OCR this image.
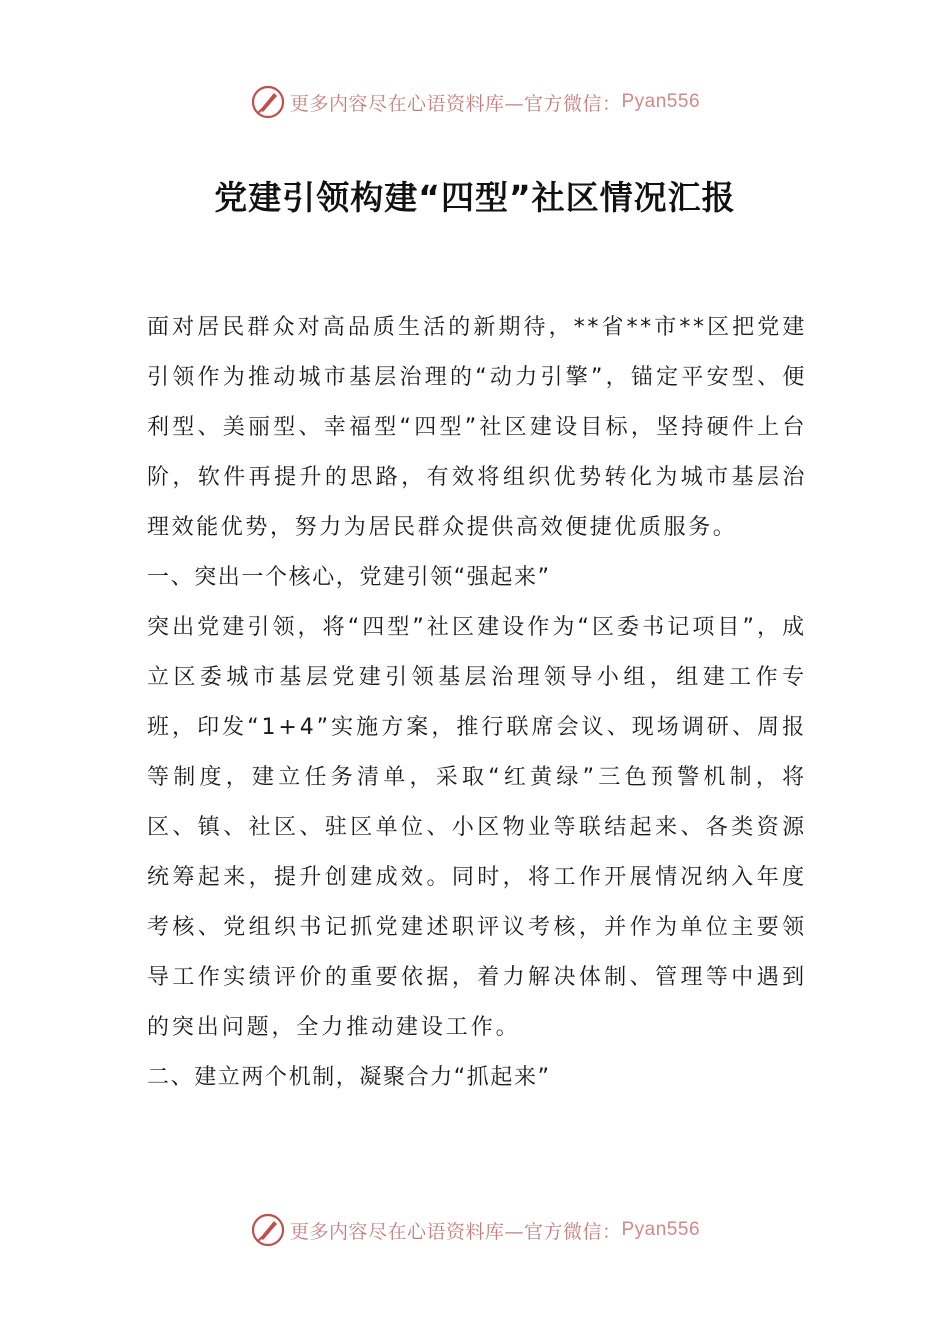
更多内容尽在心语资料库—官方微信： Pyan556
党建引领构建“四型”社区情况汇报

面对居民群众对高品质生活的新期待，**省**市**区把党建引领作为推动城市基层治理的“动力引擎”，锚定平安型、便利型、美丽型、幸福型“四型”社区建设目标，坚持硬件上台阶，软件再提升的思路，有效将组织优势转化为城市基层治理效能优势，努力为居民群众提供高效便捷优质服务。

一、突出一个核心，党建引领“强起来”

突出党建引领，将“四型”社区建设作为“区委书记项目”，成立区委城市基层党建引领基层治理领导小组，组建工作专班，印发“1+4”实施方案，推行联席会议、现场调研、周报等制度，建立任务清单，采取“红黄绿”三色预警机制，将区、镇、社区、驻区单位、小区物业等联结起来、各类资源统筹起来，提升创建成效。同时，将工作开展情况纳入年度考核、党组织书记抓党建述职评议考核，并作为单位主要领导工作实绩评价的重要依据，着力解决体制、管理等中遇到的突出问题，全力推动建设工作。

二、建立两个机制，凝聚合力“抓起来”

更多内容尽在心语资料库—官方微信： Pyan556
